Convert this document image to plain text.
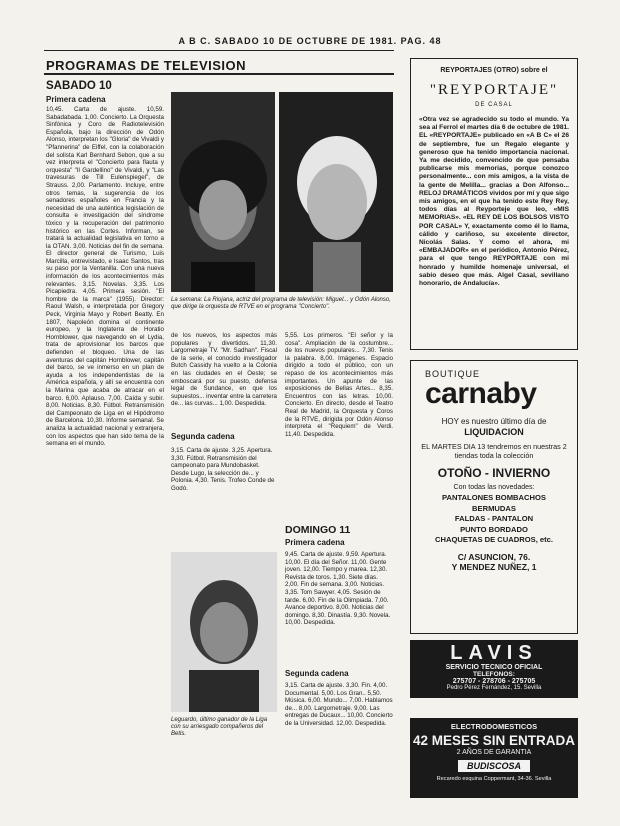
A B C. SABADO 10 DE OCTUBRE DE 1981. PAG. 48
PROGRAMAS DE TELEVISION
SABADO 10
Primera cadena
10,45. Carta de ajuste. 10,59. Sabadabada. 1,00. Concierto. La Orquesta Sinfónica y Coro de Radiotelevisión Española, bajo la dirección de Odón Alonso, interpretan los "Gloria" de Vivaldi y "Pfannerina" de Eiffel, con la colaboración del solista Karl Bernhard Sebon, que a su vez interpreta el "Concierto para flauta y orquesta" "Il Gardellino" de Vivaldi, y "Las travesuras de Till Eulenspiegel", de Strauss. 2,00. Parlamento. Incluye, entre otros temas, la sugerencia de los senadores españoles en Francia y la necesidad de una auténtica legislación de consulta e investigación del síndrome tóxico y la recuperación del patrimonio histórico en las Cortes. Informan, se tratará la actualidad legislativa en torno a la OTAN. 3,00. Noticias del fin de semana. El director general de Turismo, Luis Marcilla, entrevistado, e Isaac Santos, tras su paso por la Ventanilla. Con una nueva información de los acontecimientos más relevantes. 3,15. Novelas. 3,35. Los Picapiedra. 4,05. Primera sesión. "El hombre de la marca" (1955). Director: Raoul Walsh, e interpretada por Gregory Peck, Virginia Mayo y Robert Beatty. En 1807, Napoleón domina el continente europeo, y la Inglaterra de Horatio Hornblower, que navegando en el Lydia, trata de aprovisionar los barcos que defienden el bloqueo. Una de las aventuras del capitán Hornblower, capitán del barco, se ve inmerso en un plan de ayuda a los independentistas de la América española, y allí se encuentra con la Marina que acaba de atracar en el barco. 6,00. Aplauso. 7,00. Caída y subir. 8,00. Noticias. 8,30. Fútbol. Retransmisión del Campeonato de Liga en el Hipódromo de Barcelona. 10,30. Informe semanal. Se analiza la actualidad nacional y extranjera, con los aspectos que han sido tema de la semana en el mundo.
La semana: La Riojana, actriz del programa de televisión: Miguel... y Odón Alonso, que dirige la orquesta de RTVE en el programa "Concierto".
de los nuevos, los aspectos más populares y divertidos. 11,30. Largometraje TV. "Mr. Sadhan". Fiscal de la serie, el conocido investigador Butch Cassidy ha vuelto a la Colonia en las ciudades en el Oeste; se emboscará por su puesto, defensa legal de Sundance, en que los supuestos... inventar entre la carretera de... las curvas... 1,00. Despedida.
Segunda cadena
3,15. Carta de ajuste. 3,25. Apertura. 3,30. Fútbol. Retransmisión del campeonato para Mundobasket. Desde Lugo, la selección de... y Polonia. 4,30. Tenis. Trofeo Conde de Godó.
Leguardo, último ganador de la Liga con su arriesgado compañeros del Betis.
5,55. Los primeros. "El señor y la cosa". Ampliación de la costumbre... de los nuevos populares... 7,30. Tenis la palabra. 8,00. Imágenes. Espacio dirigido a todo el público, con un repaso de los acontecimientos más importantes. Un apunte de las exposiciones de Bellas Artes... 8,35. Encuentros con las letras. 10,00. Concierto. En directo, desde el Teatro Real de Madrid, la Orquesta y Coros de la RTVE, dirigida por Odón Alonso interpreta el "Requiem" de Verdi. 11,40. Despedida.
DOMINGO 11
Primera cadena
9,45. Carta de ajuste. 9,59. Apertura. 10,00. El día del Señor. 11,00. Gente joven. 12,00. Tiempo y marea. 12,30. Revista de toros. 1,30. Siete días. 2,00. Fin de semana. 3,00. Noticias. 3,35. Tom Sawyer. 4,05. Sesión de tarde. 6,00. Fin de la Olimpiada. 7,00. Avance deportivo. 8,00. Noticias del domingo. 8,30. Dinastía. 9,30. Novela. 10,00. Despedida.
Segunda cadena
3,15. Carta de ajuste. 3,30. Fin. 4,00. Documental. 5,00. Los Gran.. 5,50. Música. 6,00. Mundo... 7,00. Hablamos de... 8,00. Largometraje. 9,00. Las entregas de Ducaux... 10,00. Concierto de la Universidad. 12,00. Despedida.
REYPORTAJES (OTRO) sobre el
"REYPORTAJE"
DE CASAL
«Otra vez se agradecido su todo el mundo. Ya sea al Ferrol el martes día 6 de octubre de 1981. EL «REYPORTAJE» publicado en «A B C» el 26 de septiembre, fue un Regalo elegante y generoso que ha tenido importancia nacional. Ya me decidido, convencido de que pensaba publicarse mis memorias, porque conozco personalmente... con mis amigos, a la vista de la gente de Melilla... gracias a Don Alfonso... RELOJ DRAMÁTICOS vividos por mí y que sigo mis amigos, en el que ha tenido este Rey Rey, todos días al Reyporteje que leo, «MIS MEMORIAS». «EL REY DE LOS BOLSOS VISTO POR CASAL» Y, exactamente como él lo llama, cálido y cariñoso, su excelente director, Nicolás Salas. Y como el ahora, mi «EMBAJADOR» en el periódico, Antonio Pérez, para el que tengo REYPORTAJE con mi honrado y humilde homenaje universal, el sabio deseo que más. Algel Casal, sevillano honorario, de Andalucía».
BOUTIQUE
carnaby
HOY es nuestro último día de
LIQUIDACION
EL MARTES DIA 13 tendremos en nuestras 2 tiendas toda la colección
OTOÑO - INVIERNO
Con todas las novedades:
PANTALONES BOMBACHOS
BERMUDAS
FALDAS - PANTALON
PUNTO BORDADO
CHAQUETAS DE CUADROS, etc.
C/ ASUNCION, 76.
Y MENDEZ NUÑEZ, 1
LAVIS
SERVICIO TECNICO OFICIAL
TELEFONOS:
275707 - 278706 - 275705
Pedro Pérez Fernández, 15. Sevilla
ELECTRODOMESTICOS
42 MESES SIN ENTRADA
2 AÑOS DE GARANTIA
BUDISCOSA
Recaredo esquina Coppermant, 34-36. Sevilla
